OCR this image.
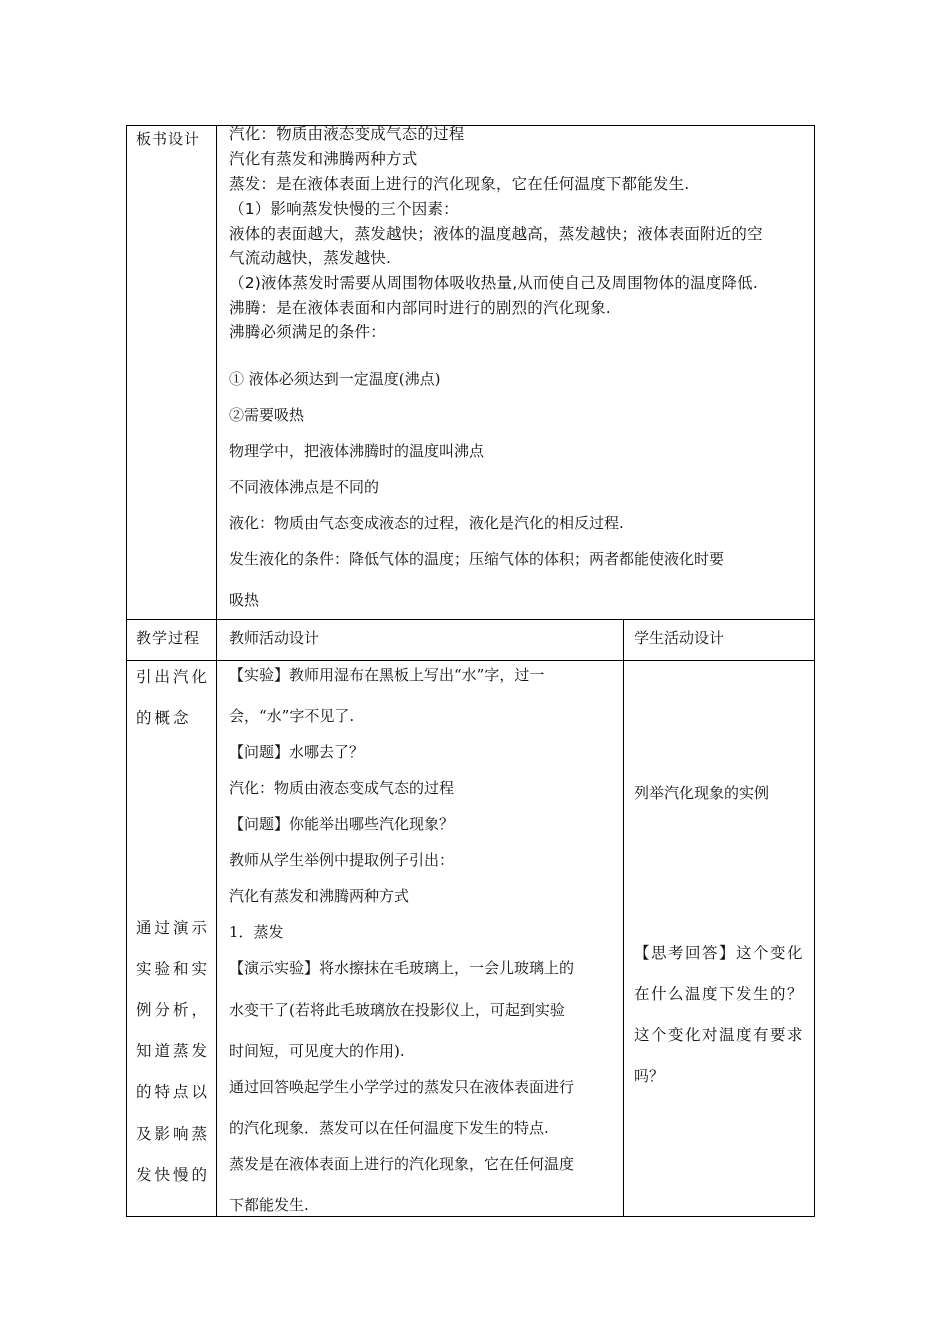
板书设计 汽化：物质由液态变成气态的过程
汽化有蒸发和沸腾两种方式
蒸发：是在液体表面上进行的汽化现象，它在任何温度下都能发生.
（1）影响蒸发快慢的三个因素：
液体的表面越大，蒸发越快；液体的温度越高，蒸发越快；液体表面附近的空
气流动越快，蒸发越快.
（2)液体蒸发时需要从周围物体吸收热量,从而使自己及周围物体的温度降低.
沸腾：是在液体表面和内部同时进行的剧烈的汽化现象.
沸腾必须满足的条件：
① 液体必须达到一定温度(沸点)
②需要吸热
物理学中，把液体沸腾时的温度叫沸点
不同液体沸点是不同的
液化：物质由气态变成液态的过程，液化是汽化的相反过程.
发生液化的条件：降低气体的温度；压缩气体的体积；两者都能使液化时要
吸热
教学过程 教师活动设计	学生活动设计
引出汽化
的概念
通过演示
实验和实
例分析，
知道蒸发
的特点以
及影响蒸
发快慢的
【实验】教师用湿布在黑板上写出“水”字，过一
会，“水”字不见了.
【问题】水哪去了？
汽化：物质由液态变成气态的过程
【问题】你能举出哪些汽化现象？
教师从学生举例中提取例子引出：
汽化有蒸发和沸腾两种方式
1．蒸发
【演示实验】将水擦抹在毛玻璃上，一会儿玻璃上的
水变干了(若将此毛玻璃放在投影仪上，可起到实验
时间短，可见度大的作用).
通过回答唤起学生小学学过的蒸发只在液体表面进行
的汽化现象．蒸发可以在任何温度下发生的特点.
蒸发是在液体表面上进行的汽化现象，它在任何温度
下都能发生.
列举汽化现象的实例
【思考回答】这个变化
在什么温度下发生的？
这个变化对温度有要求
吗？
